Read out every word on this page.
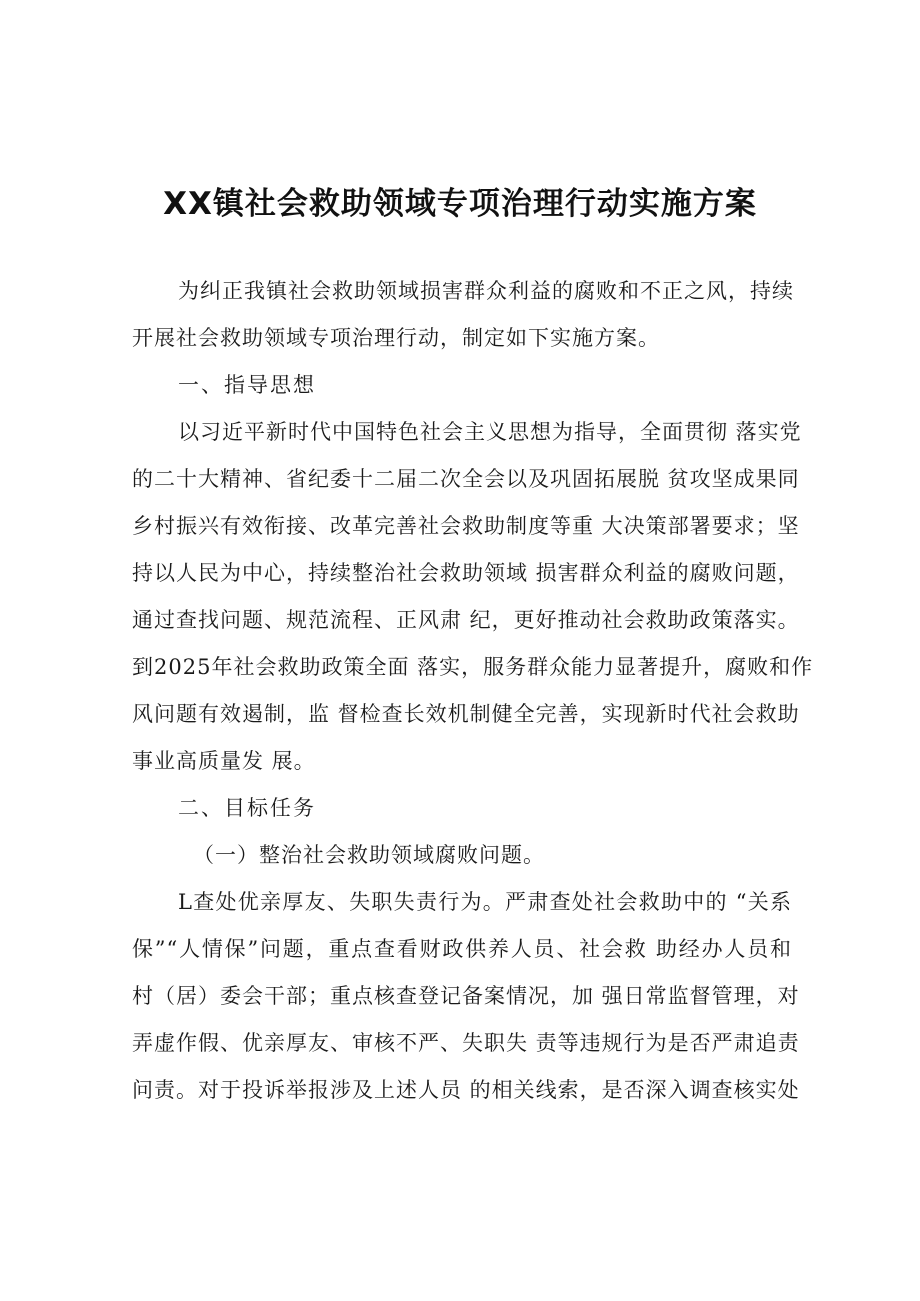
XX镇社会救助领域专项治理行动实施方案
为纠正我镇社会救助领域损害群众利益的腐败和不正之风，持续
开展社会救助领域专项治理行动，制定如下实施方案。
一、指导思想
以习近平新时代中国特色社会主义思想为指导，全面贯彻 落实党
的二十大精神、省纪委十二届二次全会以及巩固拓展脱 贫攻坚成果同
乡村振兴有效衔接、改革完善社会救助制度等重 大决策部署要求；坚
持以人民为中心，持续整治社会救助领域 损害群众利益的腐败问题，
通过查找问题、规范流程、正风肃 纪，更好推动社会救助政策落实。
到2025年社会救助政策全面 落实，服务群众能力显著提升，腐败和作
风问题有效遏制，监 督检查长效机制健全完善，实现新时代社会救助
事业高质量发 展。
二、目标任务
（一）整治社会救助领域腐败问题。
L查处优亲厚友、失职失责行为。严肃查处社会救助中的 “关系
保”“人情保”问题，重点查看财政供养人员、社会救 助经办人员和
村（居）委会干部；重点核查登记备案情况，加 强日常监督管理，对
弄虚作假、优亲厚友、审核不严、失职失 责等违规行为是否严肃追责
问责。对于投诉举报涉及上述人员 的相关线索，是否深入调查核实处
